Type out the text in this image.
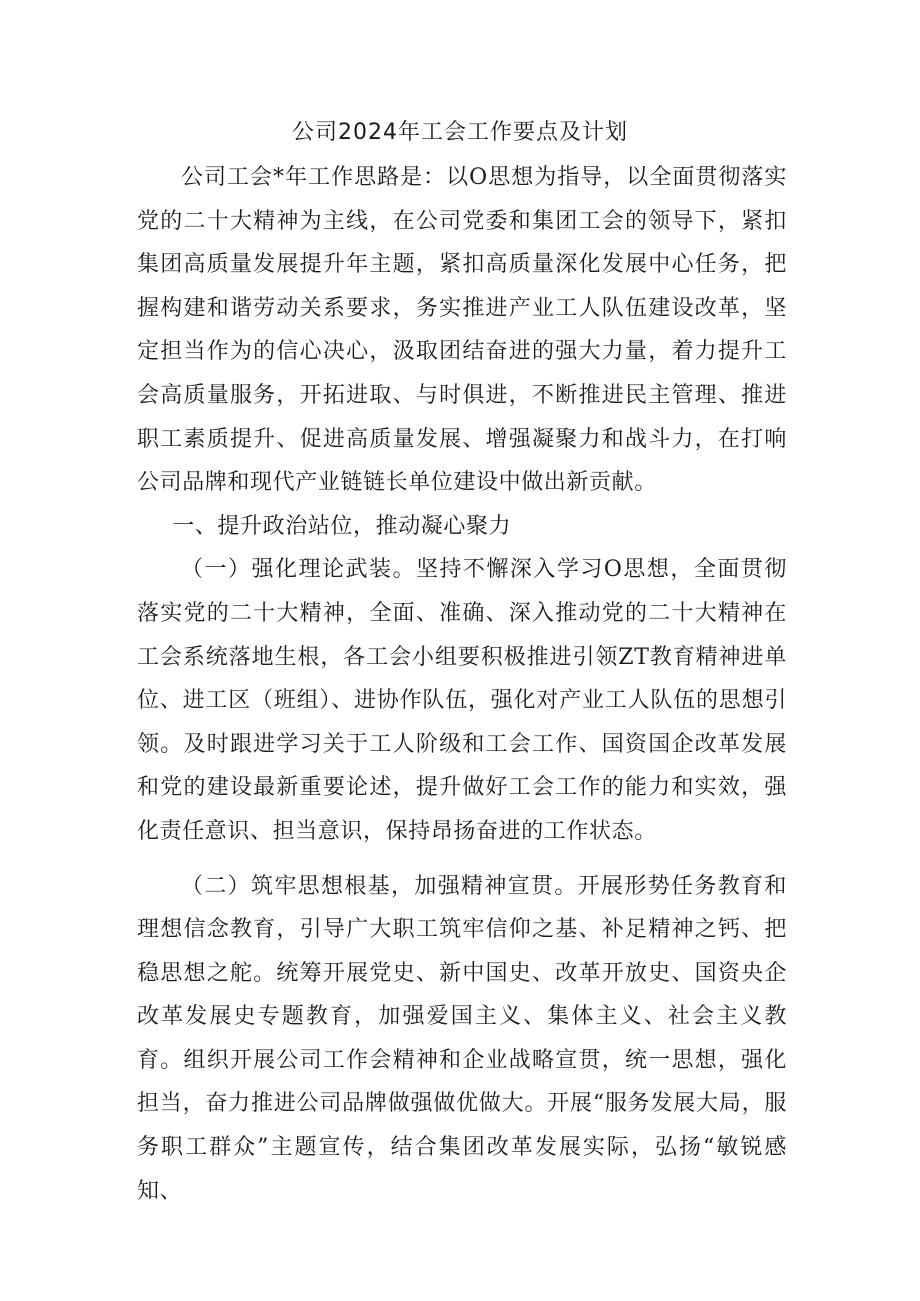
公司2024年工会工作要点及计划

公司工会*年工作思路是：以O思想为指导，以全面贯彻落实党的二十大精神为主线，在公司党委和集团工会的领导下，紧扣集团高质量发展提升年主题，紧扣高质量深化发展中心任务，把握构建和谐劳动关系要求，务实推进产业工人队伍建设改革，坚定担当作为的信心决心，汲取团结奋进的强大力量，着力提升工会高质量服务，开拓进取、与时俱进，不断推进民主管理、推进职工素质提升、促进高质量发展、增强凝聚力和战斗力，在打响公司品牌和现代产业链链长单位建设中做出新贡献。

一、提升政治站位，推动凝心聚力

（一）强化理论武装。坚持不懈深入学习O思想，全面贯彻落实党的二十大精神，全面、准确、深入推动党的二十大精神在工会系统落地生根，各工会小组要积极推进引领ZT教育精神进单位、进工区（班组）、进协作队伍，强化对产业工人队伍的思想引领。及时跟进学习关于工人阶级和工会工作、国资国企改革发展和党的建设最新重要论述，提升做好工会工作的能力和实效，强化责任意识、担当意识，保持昂扬奋进的工作状态。

（二）筑牢思想根基，加强精神宣贯。开展形势任务教育和理想信念教育，引导广大职工筑牢信仰之基、补足精神之钙、把稳思想之舵。统筹开展党史、新中国史、改革开放史、国资央企改革发展史专题教育，加强爱国主义、集体主义、社会主义教育。组织开展公司工作会精神和企业战略宣贯，统一思想，强化担当，奋力推进公司品牌做强做优做大。开展“服务发展大局，服务职工群众”主题宣传，结合集团改革发展实际，弘扬“敏锐感知、
